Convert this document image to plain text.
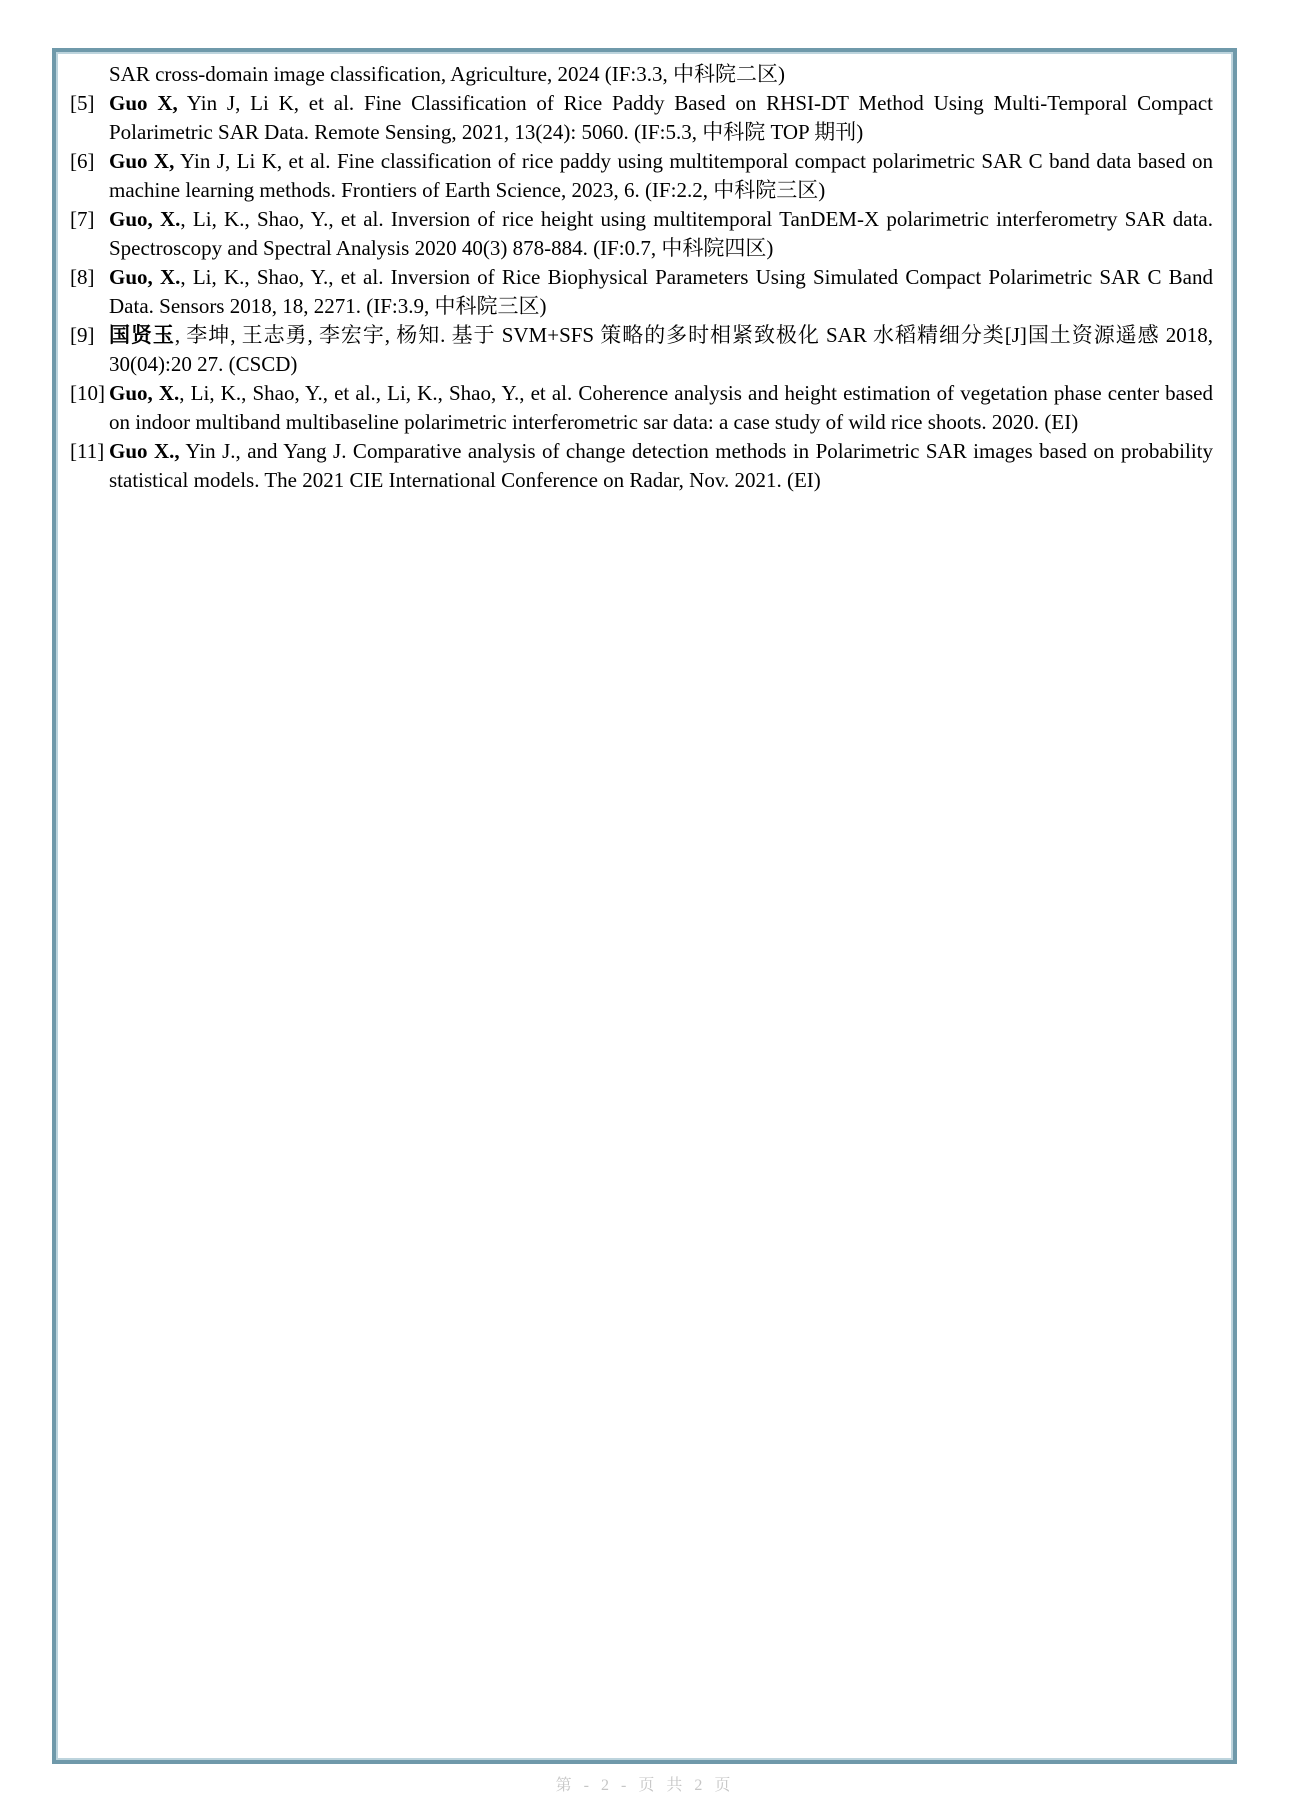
SAR cross-domain image classification, Agriculture, 2024 (IF:3.3, 中科院二区)
[5] Guo X, Yin J, Li K, et al. Fine Classification of Rice Paddy Based on RHSI-DT Method Using Multi-Temporal Compact Polarimetric SAR Data. Remote Sensing, 2021, 13(24): 5060. (IF:5.3, 中科院 TOP 期刊)
[6] Guo X, Yin J, Li K, et al. Fine classification of rice paddy using multitemporal compact polarimetric SAR C band data based on machine learning methods. Frontiers of Earth Science, 2023, 6. (IF:2.2, 中科院三区)
[7] Guo, X., Li, K., Shao, Y., et al. Inversion of rice height using multitemporal TanDEM-X polarimetric interferometry SAR data. Spectroscopy and Spectral Analysis 2020 40(3) 878-884. (IF:0.7, 中科院四区)
[8] Guo, X., Li, K., Shao, Y., et al. Inversion of Rice Biophysical Parameters Using Simulated Compact Polarimetric SAR C Band Data. Sensors 2018, 18, 2271. (IF:3.9, 中科院三区)
[9] 国贤玉, 李坤, 王志勇, 李宏宇, 杨知. 基于 SVM+SFS 策略的多时相紧致极化 SAR 水稻精细分类[J]国土资源遥感 2018, 30(04):20 27. (CSCD)
[10] Guo, X., Li, K., Shao, Y., et al., Li, K., Shao, Y., et al. Coherence analysis and height estimation of vegetation phase center based on indoor multiband multibaseline polarimetric interferometric sar data: a case study of wild rice shoots. 2020. (EI)
[11] Guo X., Yin J., and Yang J. Comparative analysis of change detection methods in Polarimetric SAR images based on probability statistical models. The 2021 CIE International Conference on Radar, Nov. 2021. (EI)
第 - 2 - 页 共 2 页
